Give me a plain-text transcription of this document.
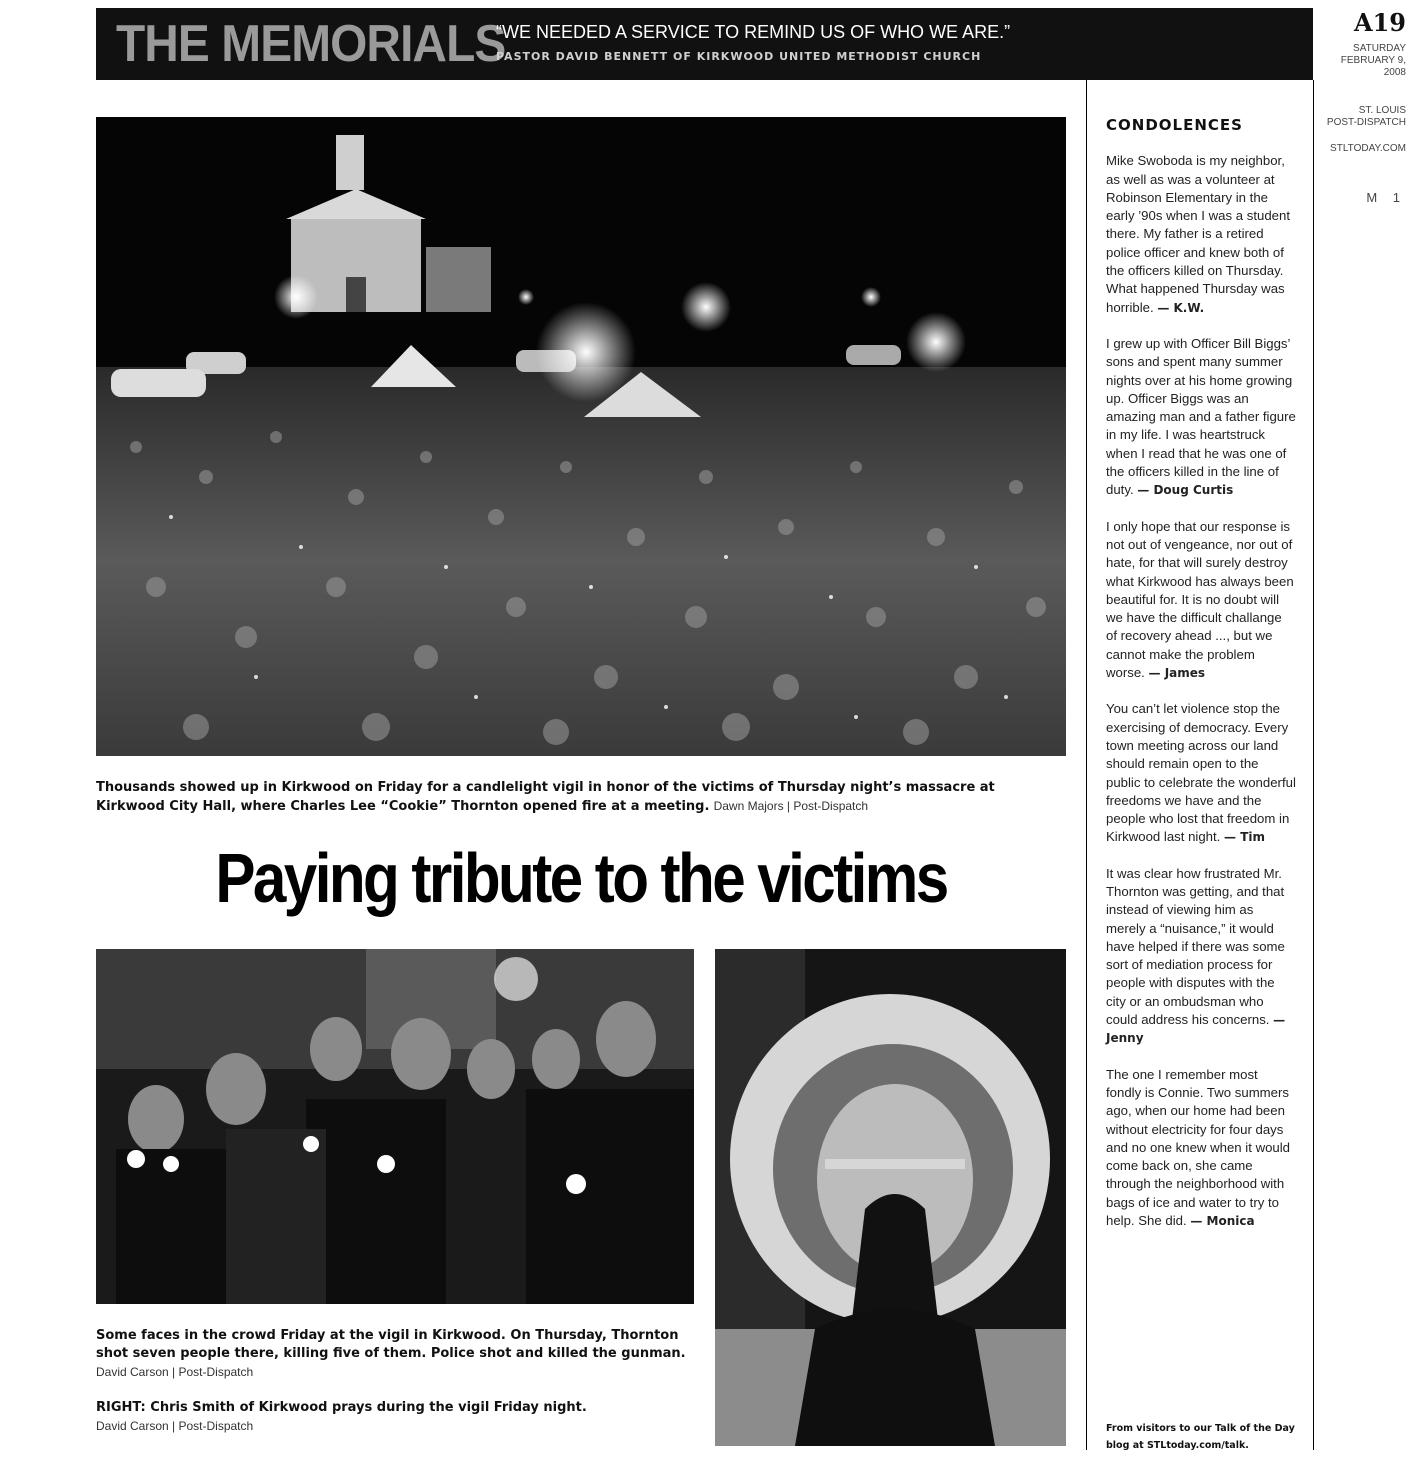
THE MEMORIALS
“WE NEEDED A SERVICE TO REMIND US OF WHO WE ARE.”
PASTOR DAVID BENNETT OF KIRKWOOD UNITED METHODIST CHURCH
A19
SATURDAY
FEBRUARY 9,
2008
ST. LOUIS
POST-DISPATCH
STLTODAY.COM
M 1
Thousands showed up in Kirkwood on Friday for a candlelight vigil in honor of the victims of Thursday night’s massacre at Kirkwood City Hall, where Charles Lee “Cookie” Thornton opened fire at a meeting. Dawn Majors | Post-Dispatch
Paying tribute to the victims
Some faces in the crowd Friday at the vigil in Kirkwood. On Thursday, Thornton shot seven people there, killing five of them. Police shot and killed the gunman.
David Carson | Post-Dispatch
RIGHT: Chris Smith of Kirkwood prays during the vigil Friday night.
David Carson | Post-Dispatch
CONDOLENCES

Mike Swoboda is my neighbor, as well as was a volunteer at Robinson Elementary in the early ’90s when I was a student there. My father is a retired police officer and knew both of the officers killed on Thursday. What happened Thursday was horrible. — K.W.

I grew up with Officer Bill Biggs’ sons and spent many summer nights over at his home growing up. Officer Biggs was an amazing man and a father figure in my life. I was heartstruck when I read that he was one of the officers killed in the line of duty. — Doug Curtis

I only hope that our response is not out of vengeance, nor out of hate, for that will surely destroy what Kirkwood has always been beautiful for. It is no doubt will we have the difficult challange of recovery ahead ..., but we cannot make the problem worse. — James

You can’t let violence stop the exercising of democracy. Every town meeting across our land should remain open to the public to celebrate the wonderful freedoms we have and the people who lost that freedom in Kirkwood last night. — Tim

It was clear how frustrated Mr. Thornton was getting, and that instead of viewing him as merely a “nuisance,” it would have helped if there was some sort of mediation process for people with disputes with the city or an ombudsman who could address his concerns. — Jenny

The one I remember most fondly is Connie. Two summers ago, when our home had been without electricity for four days and no one knew when it would come back on, she came through the neighborhood with bags of ice and water to try to help. She did. — Monica

From visitors to our Talk of the Day blog at STLtoday.com/talk.
